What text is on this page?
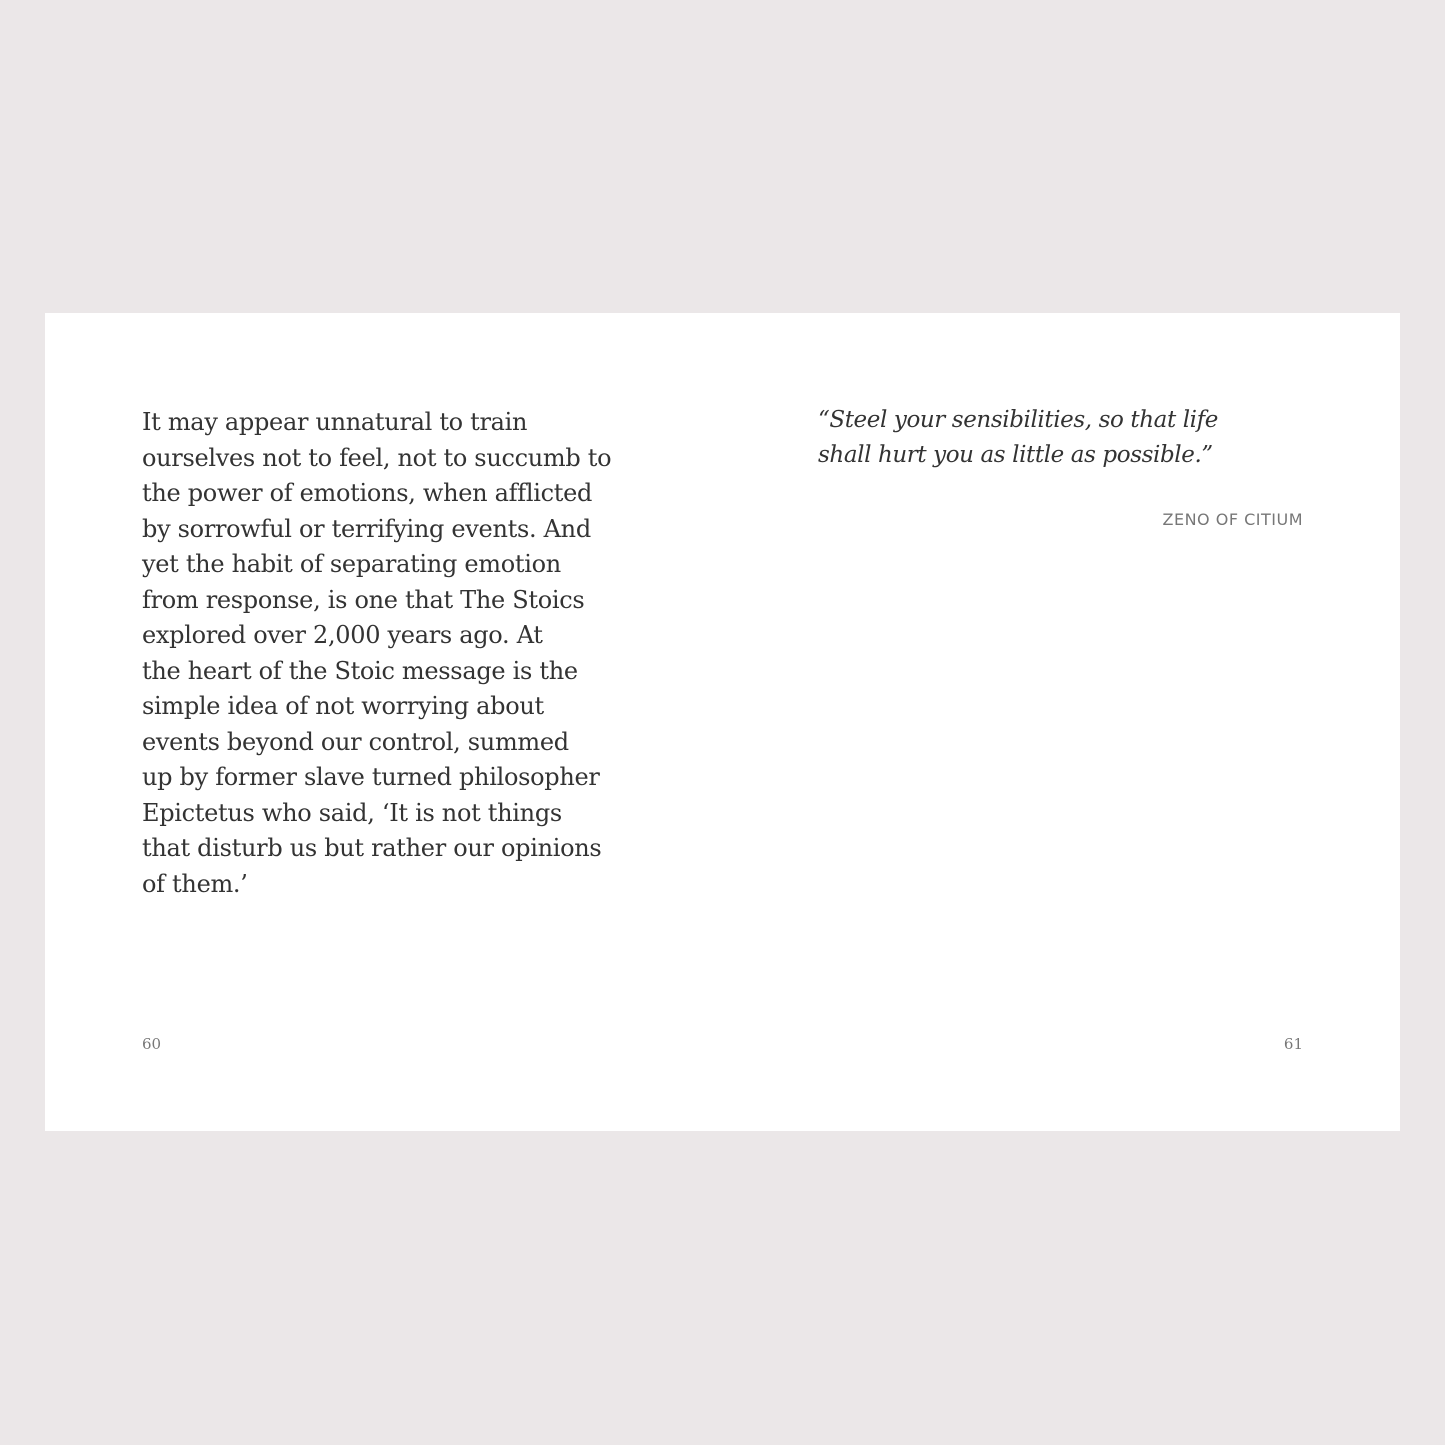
It may appear unnatural to train
ourselves not to feel, not to succumb to
the power of emotions, when afflicted
by sorrowful or terrifying events. And
yet the habit of separating emotion
from response, is one that The Stoics
explored over 2,000 years ago. At
the heart of the Stoic message is the
simple idea of not worrying about
events beyond our control, summed
up by former slave turned philosopher
Epictetus who said, ‘It is not things
that disturb us but rather our opinions
of them.’
“Steel your sensibilities, so that life
shall hurt you as little as possible.”
ZENO OF CITIUM
60	61
